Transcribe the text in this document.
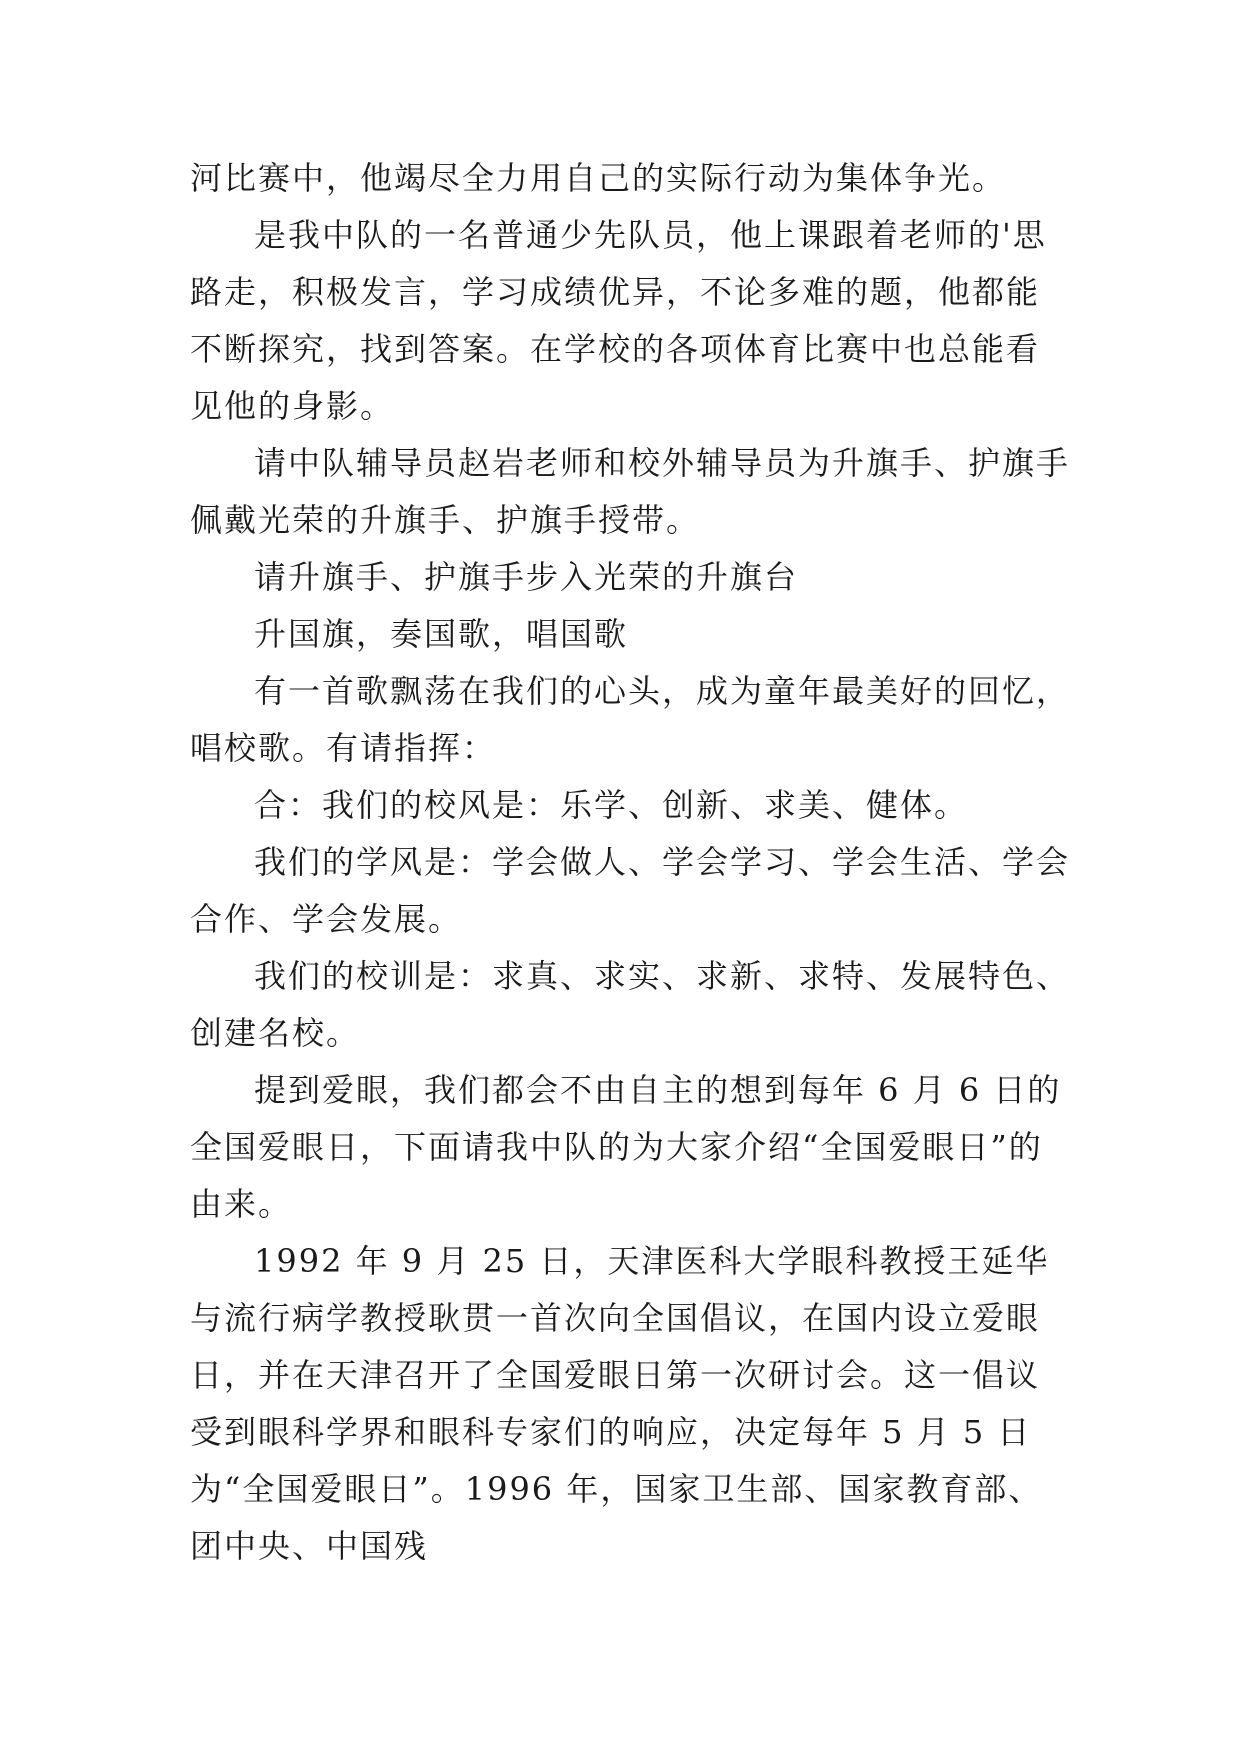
河比赛中，他竭尽全力用自己的实际行动为集体争光。

是我中队的一名普通少先队员，他上课跟着老师的'思路走，积极发言，学习成绩优异，不论多难的题，他都能不断探究，找到答案。在学校的各项体育比赛中也总能看见他的身影。

请中队辅导员赵岩老师和校外辅导员为升旗手、护旗手佩戴光荣的升旗手、护旗手授带。

请升旗手、护旗手步入光荣的升旗台

升国旗，奏国歌，唱国歌

有一首歌飘荡在我们的心头，成为童年最美好的回忆，唱校歌。有请指挥：

合：我们的校风是：乐学、创新、求美、健体。

我们的学风是：学会做人、学会学习、学会生活、学会合作、学会发展。

我们的校训是：求真、求实、求新、求特、发展特色、创建名校。

提到爱眼，我们都会不由自主的想到每年 6 月 6 日的全国爱眼日，下面请我中队的为大家介绍“全国爱眼日”的由来。

1992 年 9 月 25 日，天津医科大学眼科教授王延华与流行病学教授耿贯一首次向全国倡议，在国内设立爱眼日，并在天津召开了全国爱眼日第一次研讨会。这一倡议受到眼科学界和眼科专家们的响应，决定每年 5 月 5 日为“全国爱眼日”。1996 年，国家卫生部、国家教育部、团中央、中国残
